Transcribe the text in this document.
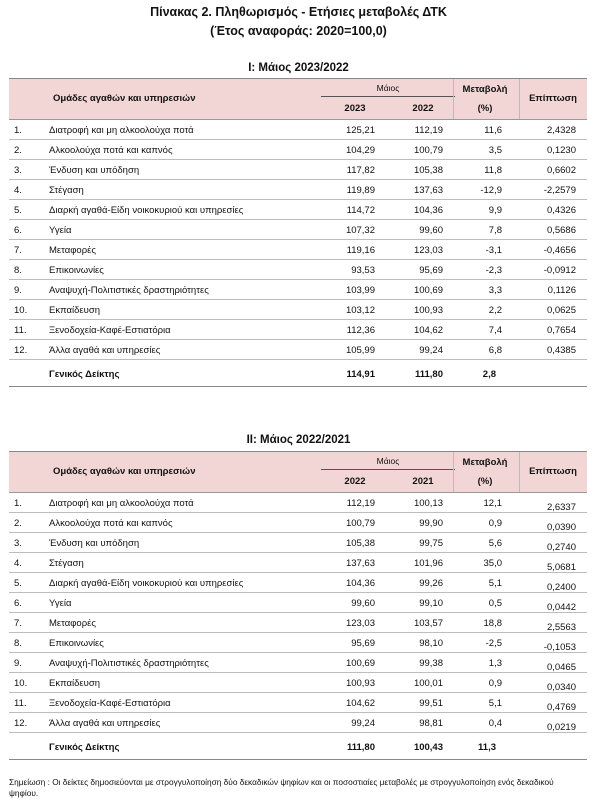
Πίνακας 2. Πληθωρισμός - Ετήσιες μεταβολές ΔΤΚ
(Έτος αναφοράς: 2020=100,0)
I: Μάιος 2023/2022
Ομάδες αγαθών και υπηρεσιών
Μάιος
2023	2022
Μεταβολή
(%)
Επίπτωση
1.	Διατροφή και μη αλκοολούχα ποτά	125,21	112,19	11,6	2,4328
2.	Αλκοολούχα ποτά και καπνός	104,29	100,79	3,5	0,1230
3.	Ένδυση και υπόδηση	117,82	105,38	11,8	0,6602
4.	Στέγαση	119,89	137,63	-12,9	-2,2579
5.	Διαρκή αγαθά-Είδη νοικοκυριού και υπηρεσίες	114,72	104,36	9,9	0,4326
6.	Υγεία	107,32	99,60	7,8	0,5686
7.	Μεταφορές	119,16	123,03	-3,1	-0,4656
8.	Επικοινωνίες	93,53	95,69	-2,3	-0,0912
9.	Αναψυχή-Πολιτιστικές δραστηριότητες	103,99	100,69	3,3	0,1126
10. Εκπαίδευση	103,12	100,93	2,2	0,0625
11. Ξενοδοχεία-Καφέ-Εστιατόρια	112,36	104,62	7,4	0,7654
12. Άλλα αγαθά και υπηρεσίες	105,99	99,24	6,8	0,4385
Γενικός Δείκτης	114,91	111,80	2,8
II: Μάιος 2022/2021
Ομάδες αγαθών και υπηρεσιών
Μάιος
2022	2021
Μεταβολή
(%)
Επίπτωση
1.	Διατροφή και μη αλκοολούχα ποτά	112,19	100,13	12,1	2,6337
2.	Αλκοολούχα ποτά και καπνός	100,79	99,90	0,9	0,0390
3.	Ένδυση και υπόδηση	105,38	99,75	5,6	0,2740
4.	Στέγαση	137,63	101,96	35,0	5,0681
5.	Διαρκή αγαθά-Είδη νοικοκυριού και υπηρεσίες	104,36	99,26	5,1	0,2400
6.	Υγεία	99,60	99,10	0,5	0,0442
7.	Μεταφορές	123,03	103,57	18,8	2,5563
8.	Επικοινωνίες	95,69	98,10	-2,5	-0,1053
9.	Αναψυχή-Πολιτιστικές δραστηριότητες	100,69	99,38	1,3	0,0465
10. Εκπαίδευση	100,93	100,01	0,9	0,0340
11. Ξενοδοχεία-Καφέ-Εστιατόρια	104,62	99,51	5,1	0,4769
12. Άλλα αγαθά και υπηρεσίες	99,24	98,81	0,4	0,0219
Γενικός Δείκτης	111,80	100,43	11,3
Σημείωση : Οι δείκτες δημοσιεύονται με στρογγυλοποίηση δύο δεκαδικών ψηφίων και οι ποσοστιαίες μεταβολές με στρογγυλοποίηση ενός δεκαδικού ψηφίου.
